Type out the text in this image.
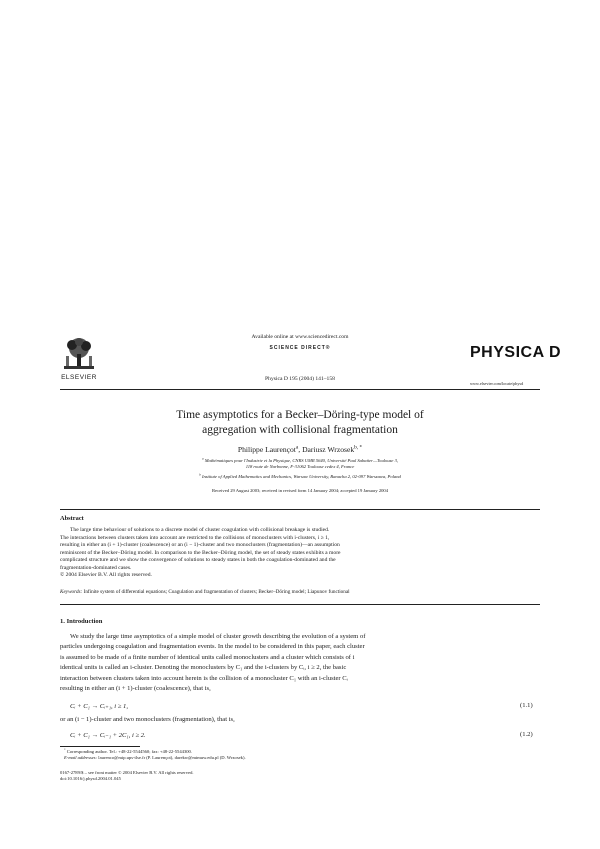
Available online at www.sciencedirect.com
SCIENCE DIRECT®
ELSEVIER	Physica D 195 (2004) 141–158
PHYSICA D
www.elsevier.com/locate/physd
Time asymptotics for a Becker–Döring-type model of
aggregation with collisional fragmentation
Philippe Laurençot$^a$, Dariusz Wrzosek$^{b, *}$
$^a$ Mathématiques pour l'Industrie et la Physique, CNRS UMR 5640, Université Paul Sabatier—Toulouse 3,
118 route de Narbonne, F-31062 Toulouse cedex 4, France
$^b$ Institute of Applied Mathematics and Mechanics, Warsaw University, Banacha 2, 02-097 Warszawa, Poland
Received 29 August 2003; received in revised form 14 January 2004; accepted 19 January 2004
Abstract
The large time behaviour of solutions to a discrete model of cluster coagulation with collisional breakage is studied.
The interactions between clusters taken into account are restricted to the collisions of monoclusters with i-clusters, i ≥ 1,
resulting in either an (i + 1)-cluster (coalescence) or an (i − 1)-cluster and two monoclusters (fragmentation)—an assumption
reminiscent of the Becker–Döring model. In comparison to the Becker–Döring model, the set of steady states exhibits a more
complicated structure and we show the convergence of solutions to steady states in both the coagulation-dominated and the
fragmentation-dominated cases.
© 2004 Elsevier B.V. All rights reserved.
Keywords: Infinite system of differential equations; Coagulation and fragmentation of clusters; Becker–Döring model; Liapunov functional
1. Introduction
We study the large time asymptotics of a simple model of cluster growth describing the evolution of a system of
particles undergoing coagulation and fragmentation events. In the model to be considered in this paper, each cluster
is assumed to be made of a finite number of identical units called monoclusters and a cluster which consists of i
identical units is called an i-cluster. Denoting the monoclusters by C₁ and the i-clusters by Cᵢ, i ≥ 2, the basic
interaction between clusters taken into account herein is the collision of a monocluster C₁ with an i-cluster Cᵢ
resulting in either an (i + 1)-cluster (coalescence), that is,
Cᵢ + C₁ → Cᵢ₊₁, i ≥ 1,	(1.1)
or an (i − 1)-cluster and two monoclusters (fragmentation), that is,
Cᵢ + C₁ → Cᵢ₋₁ + 2C₁, i ≥ 2.	(1.2)
* Corresponding author. Tel.: +48-22-5544560; fax: +48-22-5544300.
E-mail addresses: laurenco@mip.ups-tlse.fr (P. Laurençot), darekw@mimuw.edu.pl (D. Wrzosek).
0167-2789/$ – see front matter © 2004 Elsevier B.V. All rights reserved.
doi:10.1016/j.physd.2004.01.045
